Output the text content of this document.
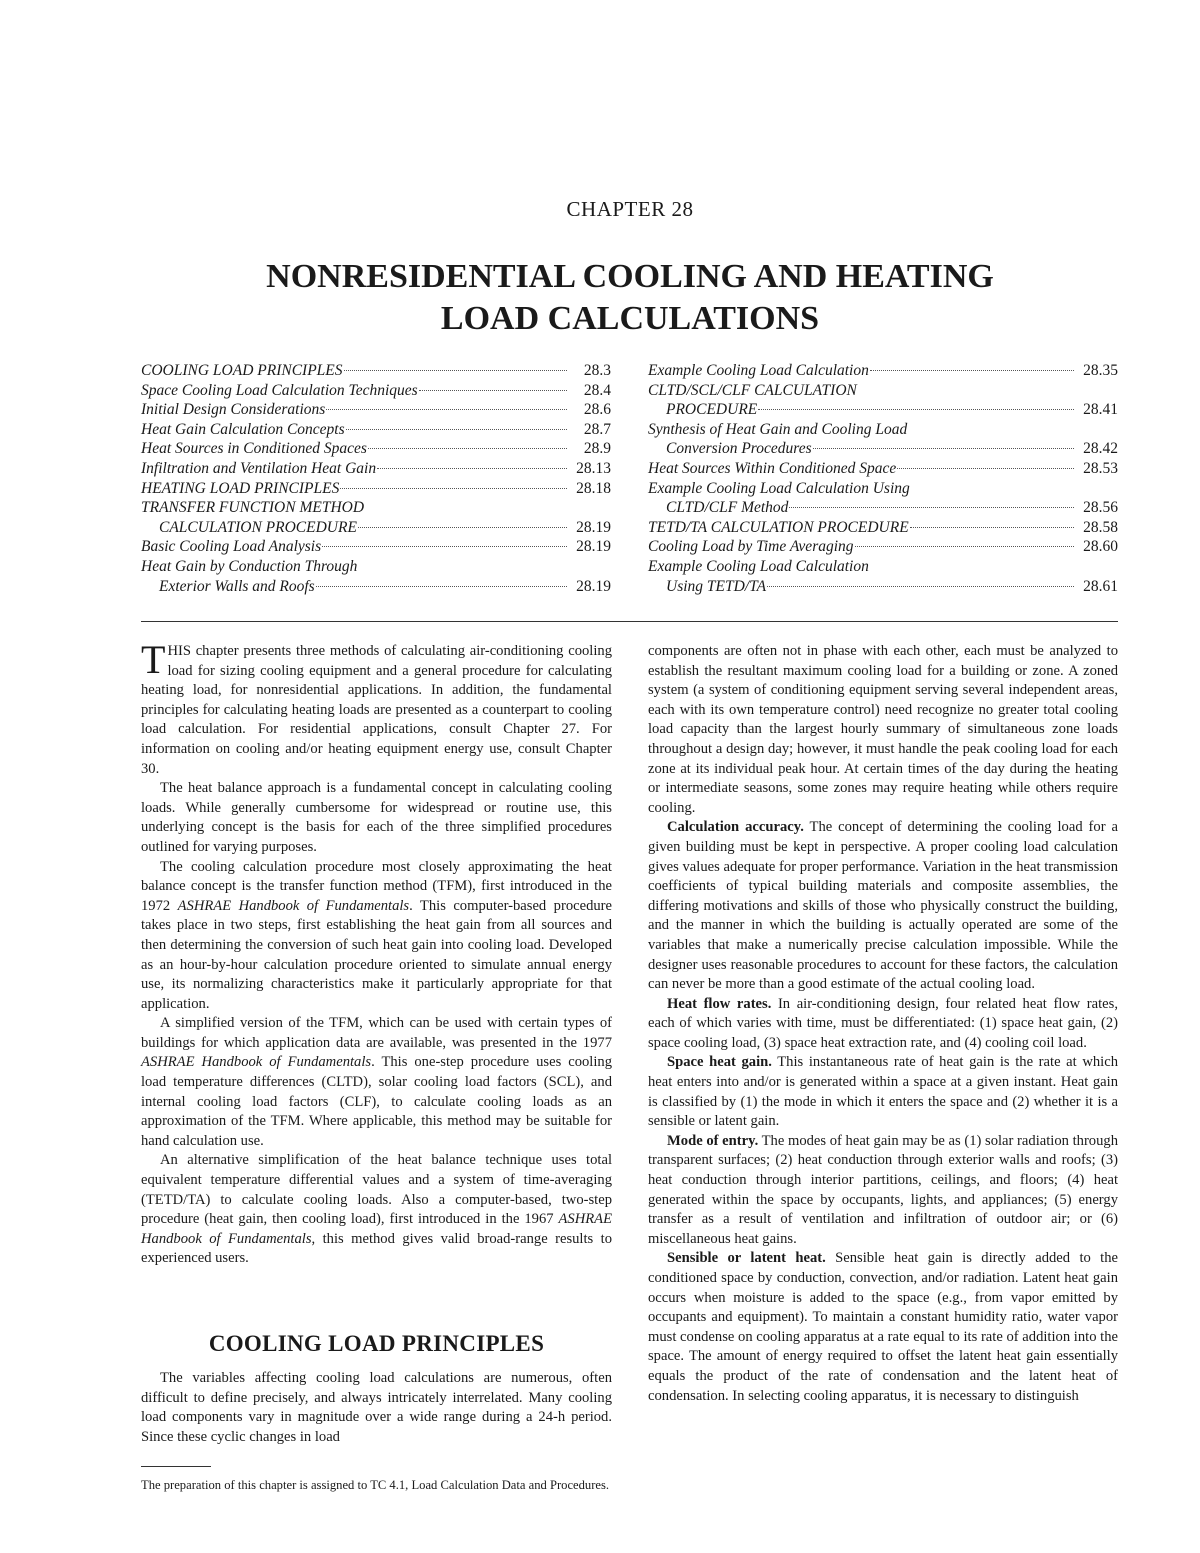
CHAPTER 28
NONRESIDENTIAL COOLING AND HEATING
LOAD CALCULATIONS
COOLING LOAD PRINCIPLES	28.3
Space Cooling Load Calculation Techniques	28.4
Initial Design Considerations	28.6
Heat Gain Calculation Concepts	28.7
Heat Sources in Conditioned Spaces	28.9
Infiltration and Ventilation Heat Gain	28.13
HEATING LOAD PRINCIPLES	28.18
TRANSFER FUNCTION METHOD
CALCULATION PROCEDURE	28.19
Basic Cooling Load Analysis	28.19
Heat Gain by Conduction Through
Exterior Walls and Roofs	28.19
Example Cooling Load Calculation	28.35
CLTD/SCL/CLF CALCULATION
PROCEDURE	28.41
Synthesis of Heat Gain and Cooling Load
Conversion Procedures	28.42
Heat Sources Within Conditioned Space	28.53
Example Cooling Load Calculation Using
CLTD/CLF Method	28.56
TETD/TA CALCULATION PROCEDURE	28.58
Cooling Load by Time Averaging	28.60
Example Cooling Load Calculation
Using TETD/TA	28.61

THIS chapter presents three methods of calculating air-conditioning cooling load for sizing cooling equipment and a general procedure for calculating heating load, for nonresidential applications. In addition, the fundamental principles for calculating heating loads are presented as a counterpart to cooling load calculation. For residential applications, consult Chapter 27. For information on cooling and/or heating equipment energy use, consult Chapter 30.

The heat balance approach is a fundamental concept in calculating cooling loads. While generally cumbersome for widespread or routine use, this underlying concept is the basis for each of the three simplified procedures outlined for varying purposes.

The cooling calculation procedure most closely approximating the heat balance concept is the transfer function method (TFM), first introduced in the 1972 ASHRAE Handbook of Fundamentals. This computer-based procedure takes place in two steps, first establishing the heat gain from all sources and then determining the conversion of such heat gain into cooling load. Developed as an hour-by-hour calculation procedure oriented to simulate annual energy use, its normalizing characteristics make it particularly appropriate for that application.

A simplified version of the TFM, which can be used with certain types of buildings for which application data are available, was presented in the 1977 ASHRAE Handbook of Fundamentals. This one-step procedure uses cooling load temperature differences (CLTD), solar cooling load factors (SCL), and internal cooling load factors (CLF), to calculate cooling loads as an approximation of the TFM. Where applicable, this method may be suitable for hand calculation use.

An alternative simplification of the heat balance technique uses total equivalent temperature differential values and a system of time-averaging (TETD/TA) to calculate cooling loads. Also a computer-based, two-step procedure (heat gain, then cooling load), first introduced in the 1967 ASHRAE Handbook of Fundamentals, this method gives valid broad-range results to experienced users.

COOLING LOAD PRINCIPLES

The variables affecting cooling load calculations are numerous, often difficult to define precisely, and always intricately interrelated. Many cooling load components vary in magnitude over a wide range during a 24-h period. Since these cyclic changes in load

The preparation of this chapter is assigned to TC 4.1, Load Calculation Data and Procedures.

components are often not in phase with each other, each must be analyzed to establish the resultant maximum cooling load for a building or zone. A zoned system (a system of conditioning equipment serving several independent areas, each with its own temperature control) need recognize no greater total cooling load capacity than the largest hourly summary of simultaneous zone loads throughout a design day; however, it must handle the peak cooling load for each zone at its individual peak hour. At certain times of the day during the heating or intermediate seasons, some zones may require heating while others require cooling.

Calculation accuracy. The concept of determining the cooling load for a given building must be kept in perspective. A proper cooling load calculation gives values adequate for proper performance. Variation in the heat transmission coefficients of typical building materials and composite assemblies, the differing motivations and skills of those who physically construct the building, and the manner in which the building is actually operated are some of the variables that make a numerically precise calculation impossible. While the designer uses reasonable procedures to account for these factors, the calculation can never be more than a good estimate of the actual cooling load.

Heat flow rates. In air-conditioning design, four related heat flow rates, each of which varies with time, must be differentiated: (1) space heat gain, (2) space cooling load, (3) space heat extraction rate, and (4) cooling coil load.

Space heat gain. This instantaneous rate of heat gain is the rate at which heat enters into and/or is generated within a space at a given instant. Heat gain is classified by (1) the mode in which it enters the space and (2) whether it is a sensible or latent gain.

Mode of entry. The modes of heat gain may be as (1) solar radiation through transparent surfaces; (2) heat conduction through exterior walls and roofs; (3) heat conduction through interior partitions, ceilings, and floors; (4) heat generated within the space by occupants, lights, and appliances; (5) energy transfer as a result of ventilation and infiltration of outdoor air; or (6) miscellaneous heat gains.

Sensible or latent heat. Sensible heat gain is directly added to the conditioned space by conduction, convection, and/or radiation. Latent heat gain occurs when moisture is added to the space (e.g., from vapor emitted by occupants and equipment). To maintain a constant humidity ratio, water vapor must condense on cooling apparatus at a rate equal to its rate of addition into the space. The amount of energy required to offset the latent heat gain essentially equals the product of the rate of condensation and the latent heat of condensation. In selecting cooling apparatus, it is necessary to distinguish
